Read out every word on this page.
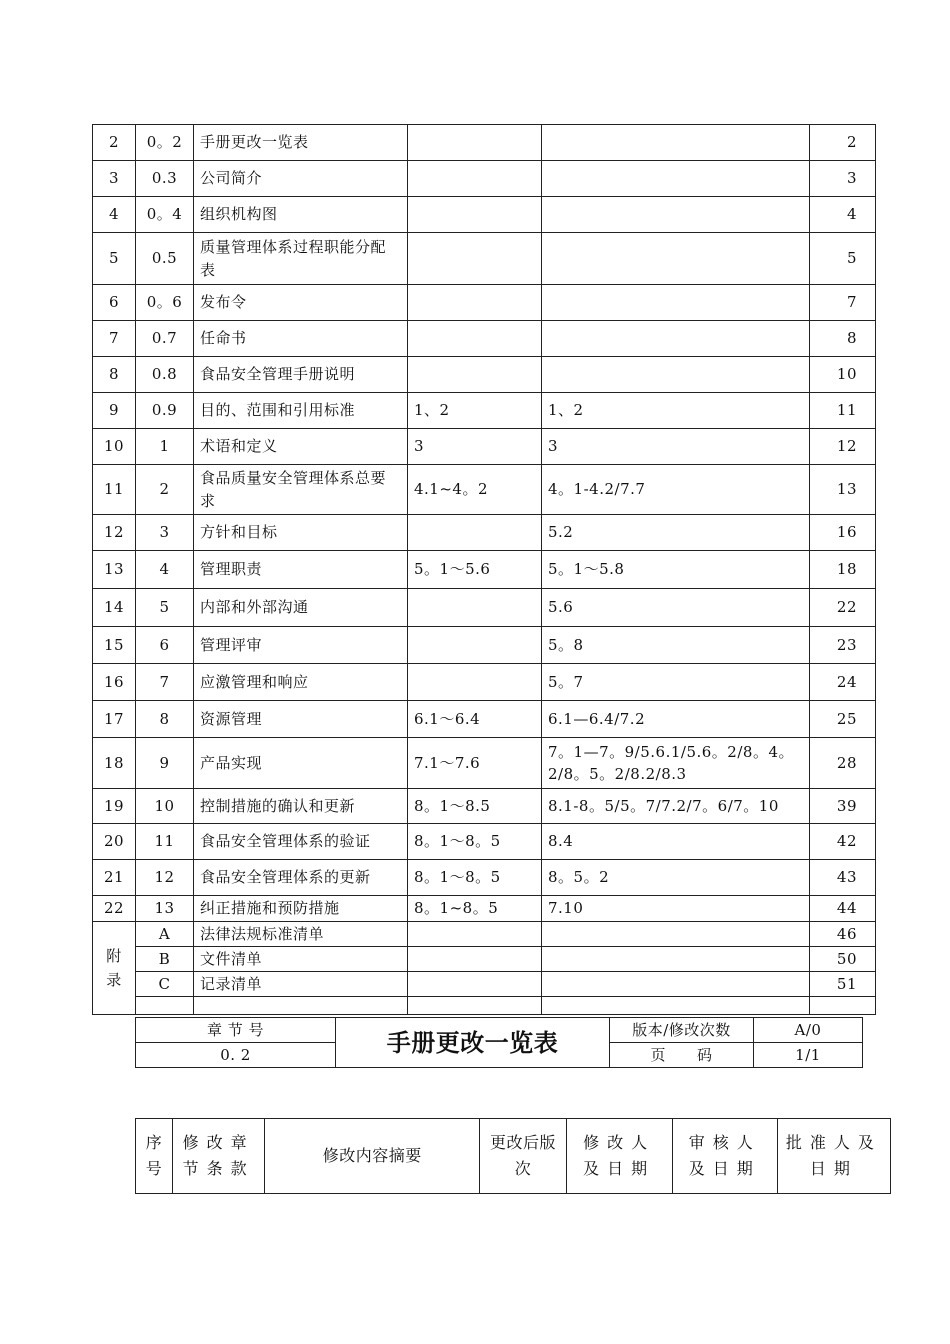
2	0。2	手册更改一览表			2
3	0.3	公司简介			3
4	0。4	组织机构图			4
5	0.5	质量管理体系过程职能分配表			5
6	0。6	发布令			7
7	0.7	任命书			8
8	0.8	食品安全管理手册说明			10
9	0.9	目的、范围和引用标准	1、2	1、2	11
10	1	术语和定义	3	3	12
11	2	食品质量安全管理体系总要求	4.1~4。2	4。1-4.2/7.7	13
12	3	方针和目标		5.2	16
13	4	管理职责	5。1～5.6	5。1～5.8	18
14	5	内部和外部沟通		5.6	22
15	6	管理评审		5。8	23
16	7	应激管理和响应		5。7	24
17	8	资源管理	6.1～6.4	6.1—6.4/7.2	25
18	9	产品实现	7.1～7.6	7。1—7。9/5.6.1/5.6。2/8。4。2/8。5。2/8.2/8.3	28
19	10	控制措施的确认和更新	8。1～8.5	8.1-8。5/5。7/7.2/7。6/7。10	39
20	11	食品安全管理体系的验证	8。1～8。5	8.4	42
21	12	食品安全管理体系的更新	8。1～8。5	8。5。2	43
22	13	纠正措施和预防措施	8。1~8。5	7.10	44
附录	A	法律法规标准清单			46
	B	文件清单			50
	C	记录清单			51

章 节 号	手册更改一览表	版本/修改次数	A/0
0. 2		页　　码	1/1
序号	修改章节条款	修改内容摘要	更改后版次	修改人及日期	审核人及日期	批准人及日期
